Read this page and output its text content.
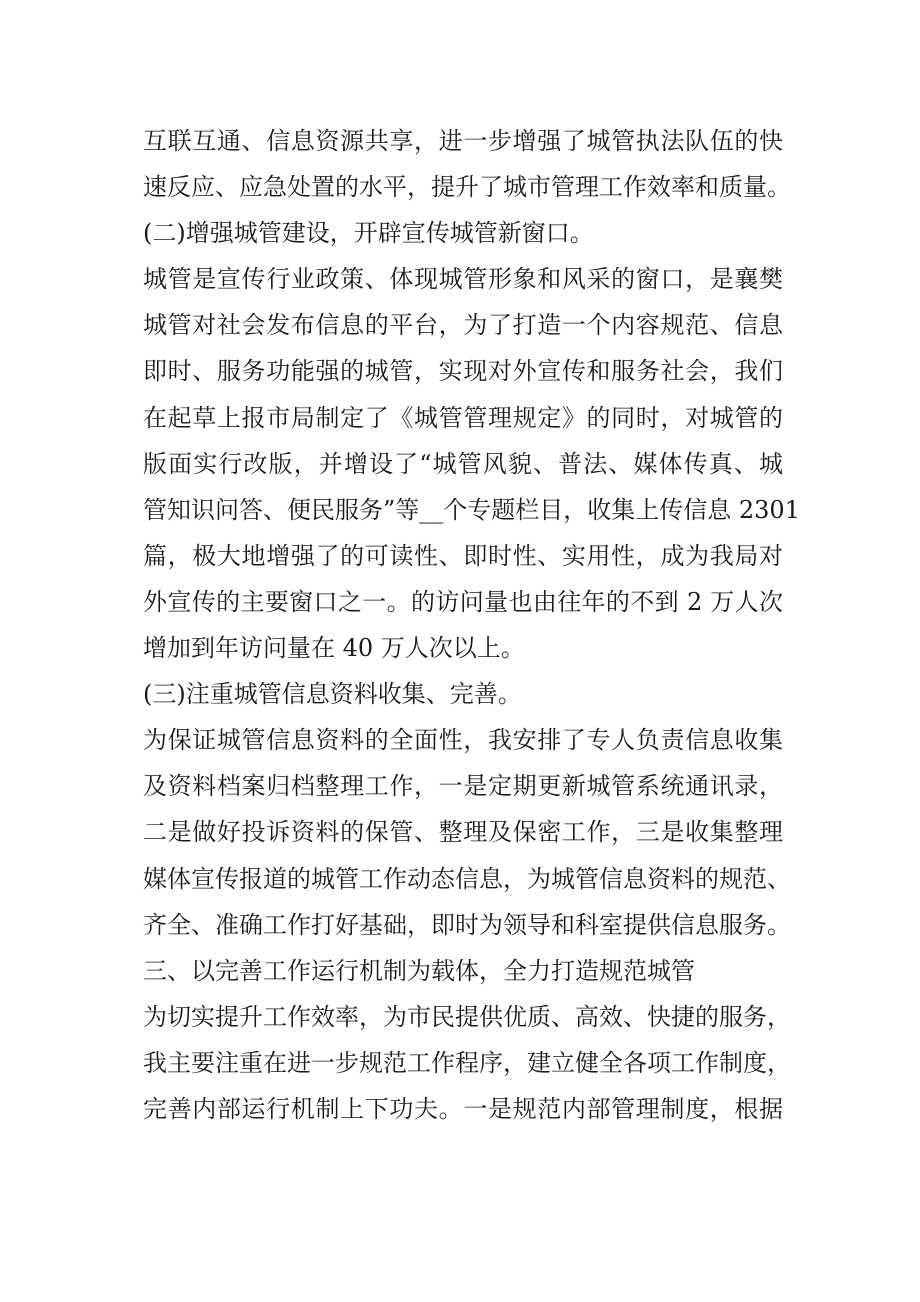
互联互通、信息资源共享，进一步增强了城管执法队伍的快
速反应、应急处置的水平，提升了城市管理工作效率和质量。
(二)增强城管建设，开辟宣传城管新窗口。
城管是宣传行业政策、体现城管形象和风采的窗口，是襄樊
城管对社会发布信息的平台，为了打造一个内容规范、信息
即时、服务功能强的城管，实现对外宣传和服务社会，我们
在起草上报市局制定了《城管管理规定》的同时，对城管的
版面实行改版，并增设了“城管风貌、普法、媒体传真、城
管知识问答、便民服务”等__个专题栏目，收集上传信息 2301
篇，极大地增强了的可读性、即时性、实用性，成为我局对
外宣传的主要窗口之一。的访问量也由往年的不到 2 万人次
增加到年访问量在 40 万人次以上。
(三)注重城管信息资料收集、完善。
为保证城管信息资料的全面性，我安排了专人负责信息收集
及资料档案归档整理工作，一是定期更新城管系统通讯录，
二是做好投诉资料的保管、整理及保密工作，三是收集整理
媒体宣传报道的城管工作动态信息，为城管信息资料的规范、
齐全、准确工作打好基础，即时为领导和科室提供信息服务。
三、以完善工作运行机制为载体，全力打造规范城管
为切实提升工作效率，为市民提供优质、高效、快捷的服务，
我主要注重在进一步规范工作程序，建立健全各项工作制度，
完善内部运行机制上下功夫。一是规范内部管理制度，根据
